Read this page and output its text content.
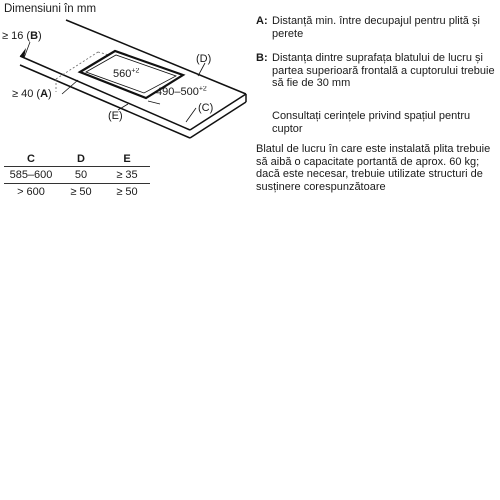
Dimensiuni în mm
≥ 16 (B)
≥ 40 (A)
$560^{+2}$
$490-500^{+2}$
(D)
(C)
(E)
C	D	E
585–600	50	≥ 35
> 600	≥ 50	≥ 50
A: Distanță min. între decupajul pentru plită și perete
B: Distanța dintre suprafața blatului de lucru și partea superioară frontală a cuptorului trebuie să fie de 30 mm
Consultați cerințele privind spațiul pentru cuptor
Blatul de lucru în care este instalată plita trebuie să aibă o capacitate portantă de aprox. 60 kg; dacă este necesar, trebuie utilizate structuri de susținere corespunzătoare
